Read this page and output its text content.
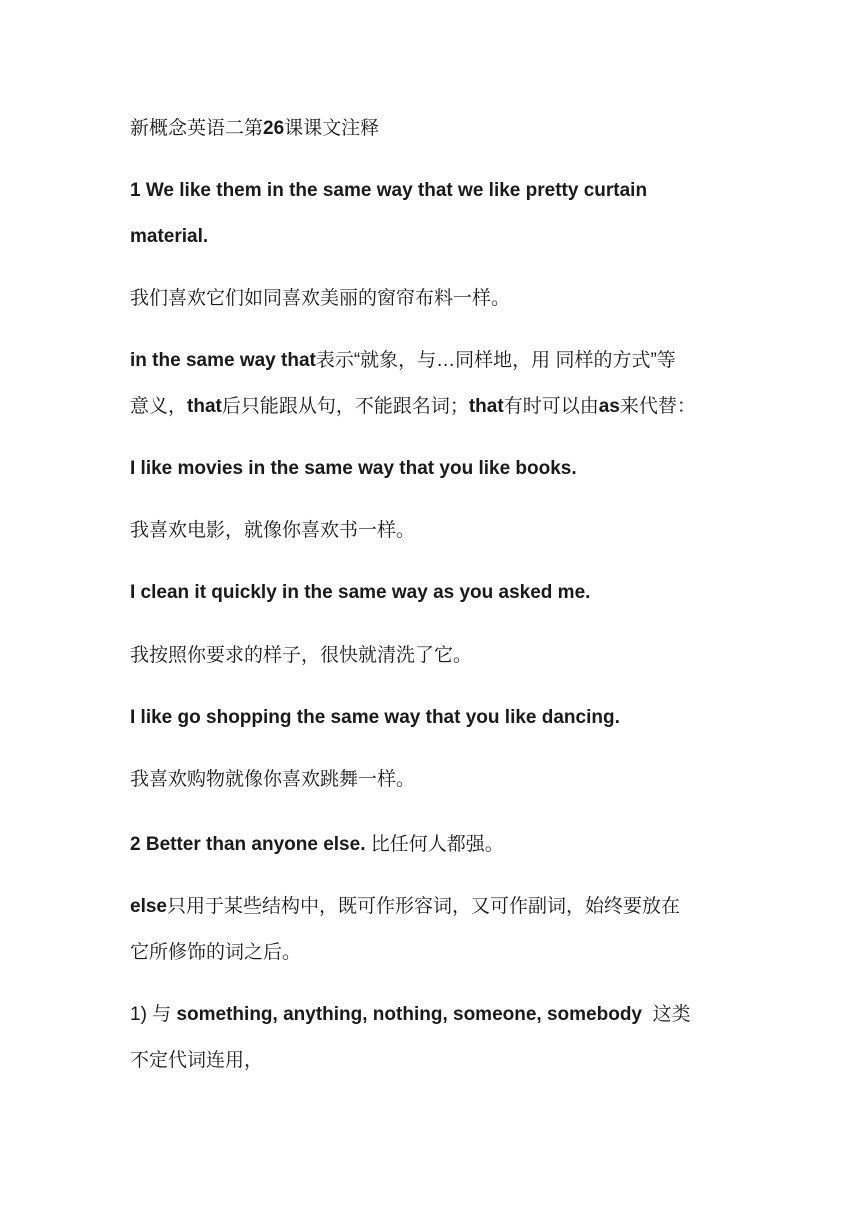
新概念英语二第26课课文注释
1 We like them in the same way that we like pretty curtain
material.
我们喜欢它们如同喜欢美丽的窗帘布料一样。
in the same way that表示“就象，与…同样地，用 同样的方式”等
意义，that后只能跟从句，不能跟名词；that有时可以由as来代替：
I like movies in the same way that you like books.
我喜欢电影，就像你喜欢书一样。
I clean it quickly in the same way as you asked me.
我按照你要求的样子，很快就清洗了它。
I like go shopping the same way that you like dancing.
我喜欢购物就像你喜欢跳舞一样。
2 Better than anyone else. 比任何人都强。
else只用于某些结构中，既可作形容词，又可作副词，始终要放在
它所修饰的词之后。
1) 与 something, anything, nothing, someone, somebody 这类
不定代词连用，
